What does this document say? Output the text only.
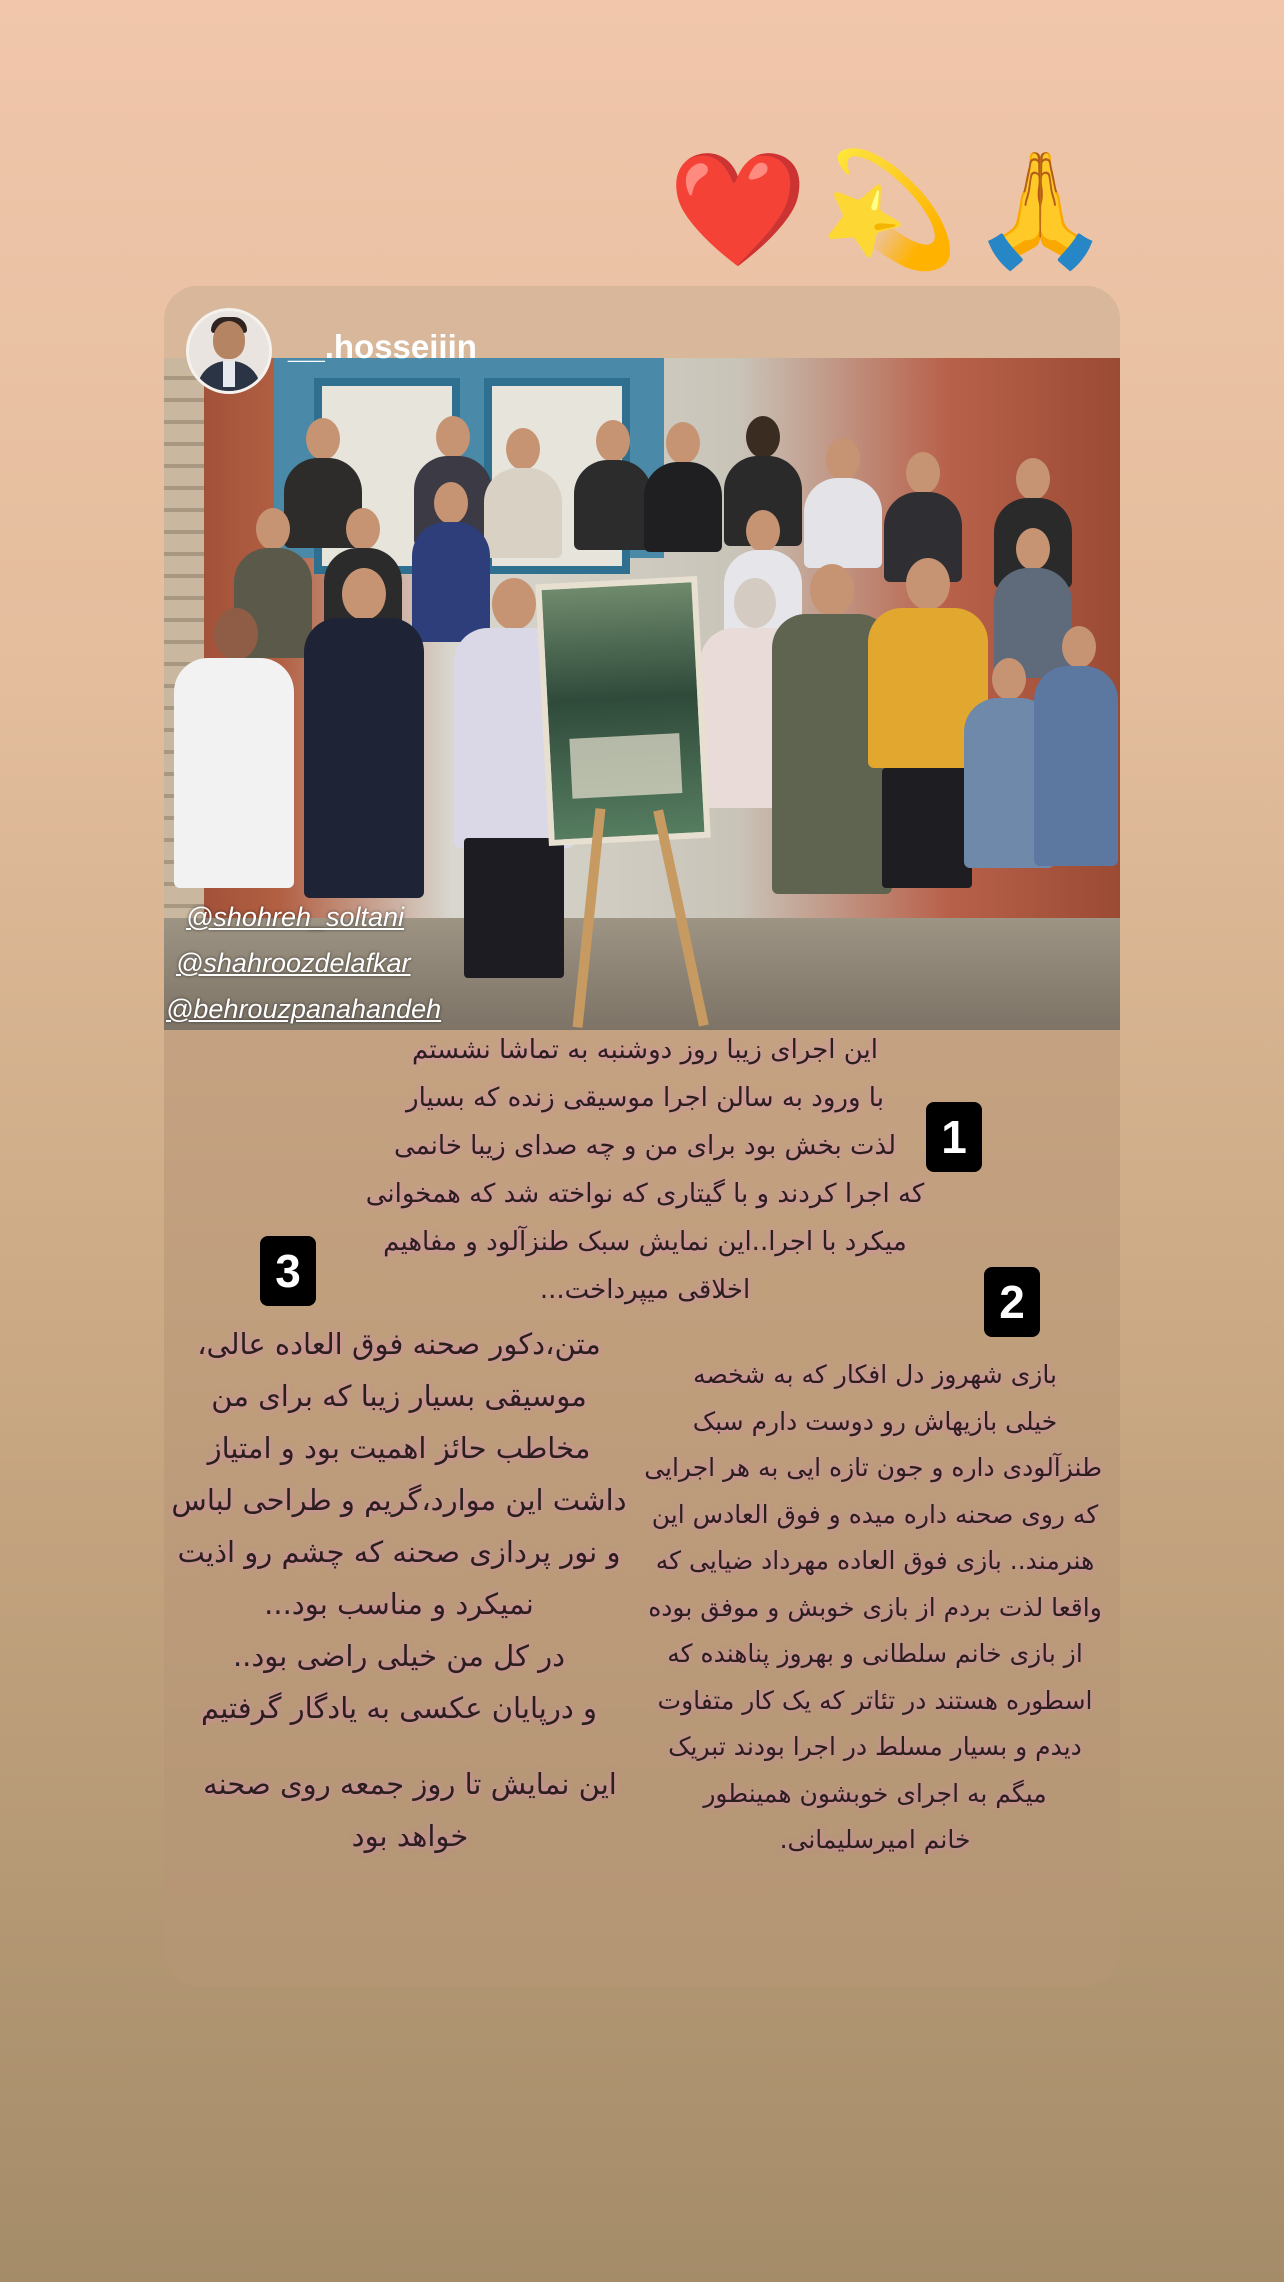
❤️ 💫 🙏
__.hosseiiin
@shohreh_soltani
@shahroozdelafkar
@behrouzpanahandeh
این اجرای زیبا روز دوشنبه به تماشا نشستم
با ورود به سالن اجرا موسیقی زنده که بسیار
لذت بخش بود برای من و چه صدای زیبا خانمی
که اجرا کردند و با گیتاری که نواخته شد که همخوانی
میکرد با اجرا..این نمایش سبک طنزآلود و مفاهیم
اخلاقی میپرداخت...
1
بازی شهروز دل افکار که به شخصه
خیلی بازیهاش رو دوست دارم سبک
طنزآلودی داره و جون تازه ایی به هر اجرایی
که روی صحنه داره میده و فوق العادس این
هنرمند.. بازی فوق العاده مهرداد ضیایی که
واقعا لذت بردم از بازی خوبش و موفق بوده
از بازی خانم سلطانی و بهروز پناهنده که
اسطوره هستند در تئاتر که یک کار متفاوت
دیدم و بسیار مسلط در اجرا بودند تبریک
میگم به اجرای خوبشون همینطور
خانم امیرسلیمانی.
2
متن،دکور صحنه فوق العاده عالی،
موسیقی بسیار زیبا که برای من
مخاطب حائز اهمیت بود و امتیاز
داشت این موارد،گریم و طراحی لباس
و نور پردازی صحنه که چشم رو اذیت
نمیکرد و مناسب بود...
در کل من خیلی راضی بود..
و درپایان عکسی به یادگار گرفتیم
این نمایش تا روز جمعه روی صحنه
خواهد بود
3
